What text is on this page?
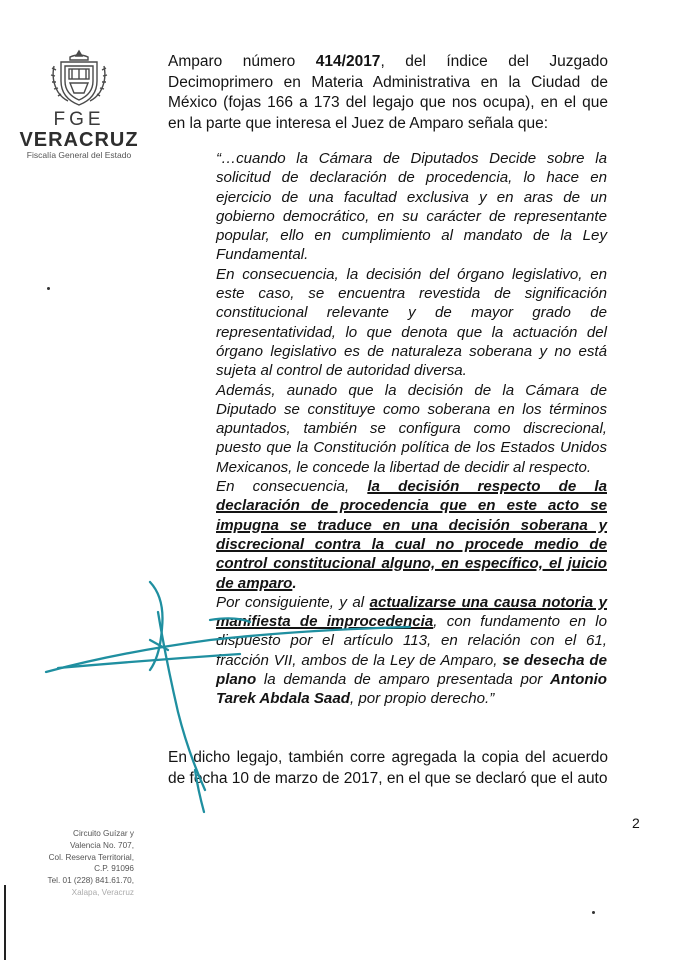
FGE
VERACRUZ
Fiscalía General del Estado
Amparo número 414/2017, del índice del Juzgado Decimoprimero en Materia Administrativa en la Ciudad de México (fojas 166 a 173 del legajo que nos ocupa), en el que en la parte que interesa el Juez de Amparo señala que:

“…cuando la Cámara de Diputados Decide sobre la solicitud de declaración de procedencia, lo hace en ejercicio de una facultad exclusiva y en aras de un gobierno democrático, en su carácter de representante popular, ello en cumplimiento al mandato de la Ley Fundamental.

En consecuencia, la decisión del órgano legislativo, en este caso, se encuentra revestida de significación constitucional relevante y de mayor grado de representatividad, lo que denota que la actuación del órgano legislativo es de naturaleza soberana y no está sujeta al control de autoridad diversa.

Además, aunado que la decisión de la Cámara de Diputado se constituye como soberana en los términos apuntados, también se configura como discrecional, puesto que la Constitución política de los Estados Unidos Mexicanos, le concede la libertad de decidir al respecto.

En consecuencia, la decisión respecto de la declaración de procedencia que en este acto se impugna se traduce en una decisión soberana y discrecional contra la cual no procede medio de control constitucional alguno, en específico, el juicio de amparo.

Por consiguiente, y al actualizarse una causa notoria y manifiesta de improcedencia, con fundamento en lo dispuesto por el artículo 113, en relación con el 61, fracción VII, ambos de la Ley de Amparo, se desecha de plano la demanda de amparo presentada por Antonio Tarek Abdala Saad, por propio derecho.”

En dicho legajo, también corre agregada la copia del acuerdo de fecha 10 de marzo de 2017, en el que se declaró que el auto
2
Circuito Guízar y
Valencia No. 707,
Col. Reserva Territorial,
C.P. 91096
Tel. 01 (228) 841.61.70,
Xalapa, Veracruz
